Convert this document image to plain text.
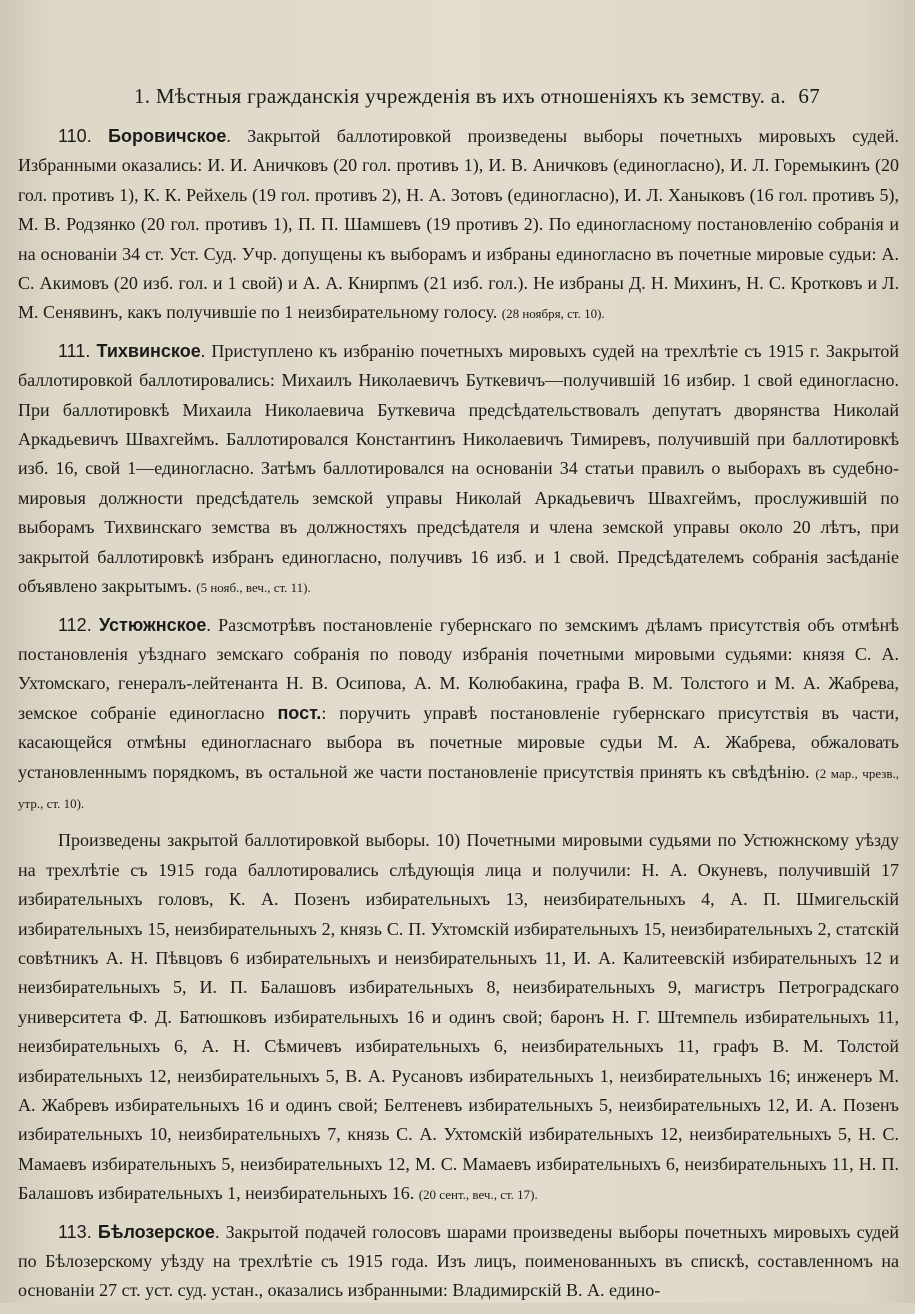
1. Мѣстныя гражданскія учрежденія въ ихъ отношеніяхъ къ земству. а. 67

110. Боровичское. Закрытой баллотировкой произведены выборы почетныхъ мировыхъ судей. Избранными оказались: И. И. Аничковъ (20 гол. противъ 1), И. В. Аничковъ (единогласно), И. Л. Горемыкинъ (20 гол. противъ 1), К. К. Рейхель (19 гол. противъ 2), Н. А. Зотовъ (единогласно), И. Л. Ханыковъ (16 гол. противъ 5), М. В. Родзянко (20 гол. противъ 1), П. П. Шамшевъ (19 противъ 2). По единогласному постановленію собранія и на основаніи 34 ст. Уст. Суд. Учр. допущены къ выборамъ и избраны единогласно въ почетные мировые судьи: А. С. Акимовъ (20 изб. гол. и 1 свой) и А. А. Книрпмъ (21 изб. гол.). Не избраны Д. Н. Михинъ, Н. С. Кротковъ и Л. М. Сенявинъ, какъ получившіе по 1 неизбирательному голосу. (28 ноября, ст. 10).

111. Тихвинское. Приступлено къ избранію почетныхъ мировыхъ судей на трехлѣтіе съ 1915 г. Закрытой баллотировкой баллотировались: Михаилъ Николаевичъ Буткевичъ—получившій 16 избир. 1 свой единогласно. При баллотировкѣ Михаила Николаевича Буткевича предсѣдательствовалъ депутатъ дворянства Николай Аркадьевичъ Швахгеймъ. Баллотировался Константинъ Николаевичъ Тимиревъ, получившій при баллотировкѣ изб. 16, свой 1—единогласно. Затѣмъ баллотировался на основаніи 34 статьи правилъ о выборахъ въ судебно-мировыя должности предсѣдатель земской управы Николай Аркадьевичъ Швахгеймъ, прослужившій по выборамъ Тихвинскаго земства въ должностяхъ предсѣдателя и члена земской управы около 20 лѣтъ, при закрытой баллотировкѣ избранъ единогласно, получивъ 16 изб. и 1 свой. Предсѣдателемъ собранія засѣданіе объявлено закрытымъ. (5 нояб., веч., ст. 11).

112. Устюжнское. Разсмотрѣвъ постановленіе губернскаго по земскимъ дѣламъ присутствія объ отмѣнѣ постановленія уѣзднаго земскаго собранія по поводу избранія почетными мировыми судьями: князя С. А. Ухтомскаго, генералъ-лейтенанта Н. В. Осипова, А. М. Колюбакина, графа В. М. Толстого и М. А. Жабрева, земское собраніе единогласно пост.: поручить управѣ постановленіе губернскаго присутствія въ части, касающейся отмѣны единогласнаго выбора въ почетные мировые судьи М. А. Жабрева, обжаловать установленнымъ порядкомъ, въ остальной же части постановленіе присутствія принять къ свѣдѣнію. (2 мар., чрезв., утр., ст. 10).

Произведены закрытой баллотировкой выборы. 10) Почетными мировыми судьями по Устюжнскому уѣзду на трехлѣтіе съ 1915 года баллотировались слѣдующія лица и получили: Н. А. Окуневъ, получившій 17 избирательныхъ головъ, К. А. Позенъ избирательныхъ 13, неизбирательныхъ 4, А. П. Шмигельскій избирательныхъ 15, неизбирательныхъ 2, князь С. П. Ухтомскій избирательныхъ 15, неизбирательныхъ 2, статскій совѣтникъ А. Н. Пѣвцовъ 6 избирательныхъ и неизбирательныхъ 11, И. А. Калитеевскій избирательныхъ 12 и неизбирательныхъ 5, И. П. Балашовъ избирательныхъ 8, неизбирательныхъ 9, магистръ Петроградскаго университета Ф. Д. Батюшковъ избирательныхъ 16 и одинъ свой; баронъ Н. Г. Штемпель избирательныхъ 11, неизбирательныхъ 6, А. Н. Сѣмичевъ избирательныхъ 6, неизбирательныхъ 11, графъ В. М. Толстой избирательныхъ 12, неизбирательныхъ 5, В. А. Русановъ избирательныхъ 1, неизбирательныхъ 16; инженеръ М. А. Жабревъ избирательныхъ 16 и одинъ свой; Белтеневъ избирательныхъ 5, неизбирательныхъ 12, И. А. Позенъ избирательныхъ 10, неизбирательныхъ 7, князь С. А. Ухтомскій избирательныхъ 12, неизбирательныхъ 5, Н. С. Мамаевъ избирательныхъ 5, неизбирательныхъ 12, М. С. Мамаевъ избирательныхъ 6, неизбирательныхъ 11, Н. П. Балашовъ избирательныхъ 1, неизбирательныхъ 16. (20 сент., веч., ст. 17).

113. Бѣлозерское. Закрытой подачей голосовъ шарами произведены выборы почетныхъ мировыхъ судей по Бѣлозерскому уѣзду на трехлѣтіе съ 1915 года. Изъ лицъ, поименованныхъ въ спискѣ, составленномъ на основаніи 27 ст. уст. суд. устан., оказались избранными: Владимирскій В. А. едино-
